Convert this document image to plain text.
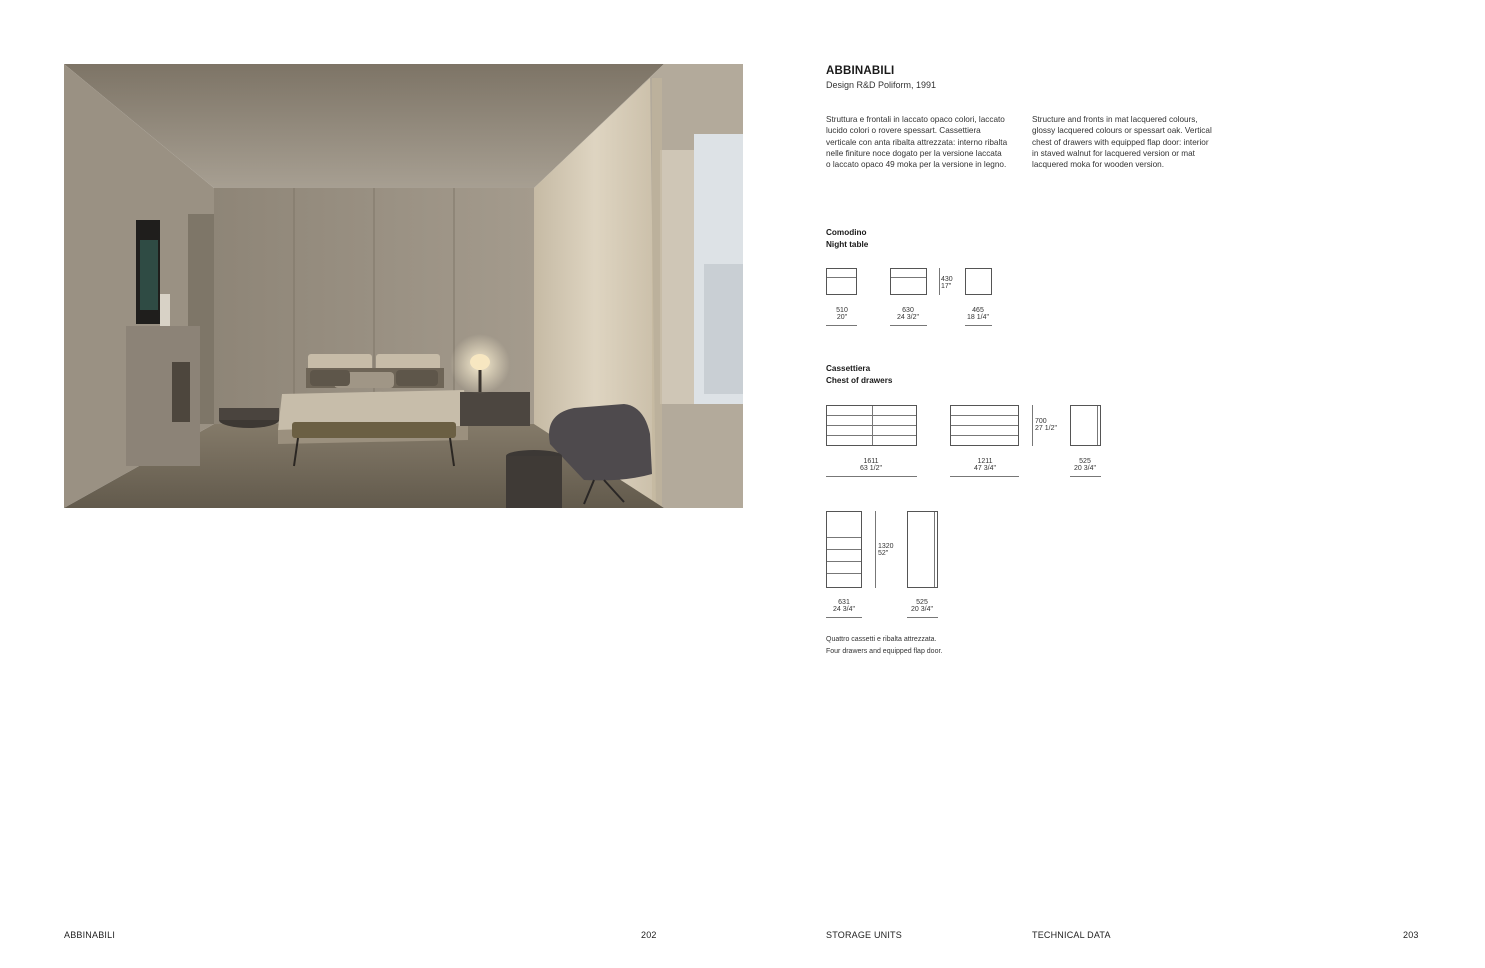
ABBINABILI
Design R&D Poliform, 1991
Struttura e frontali in laccato opaco colori, laccato lucido colori o rovere spessart. Cassettiera verticale con anta ribalta attrezzata: interno ribalta nelle finiture noce dogato per la versione laccata o laccato opaco 49 moka per la versione in legno.
Structure and fronts in mat lacquered colours, glossy lacquered colours or spessart oak. Vertical chest of drawers with equipped flap door: interior in staved walnut for lacquered version or mat lacquered moka for wooden version.
Comodino
Night table
510
20"
630
24 3/2"
430
17"
465
18 1/4"
Cassettiera
Chest of drawers
1611
63 1/2"
1211
47 3/4"
700
27 1/2"
525
20 3/4"
631
24 3/4"
1320
52"
525
20 3/4"
Quattro cassetti e ribalta attrezzata.
Four drawers and equipped flap door.
ABBINABILI	202	STORAGE UNITS	TECHNICAL DATA	203
